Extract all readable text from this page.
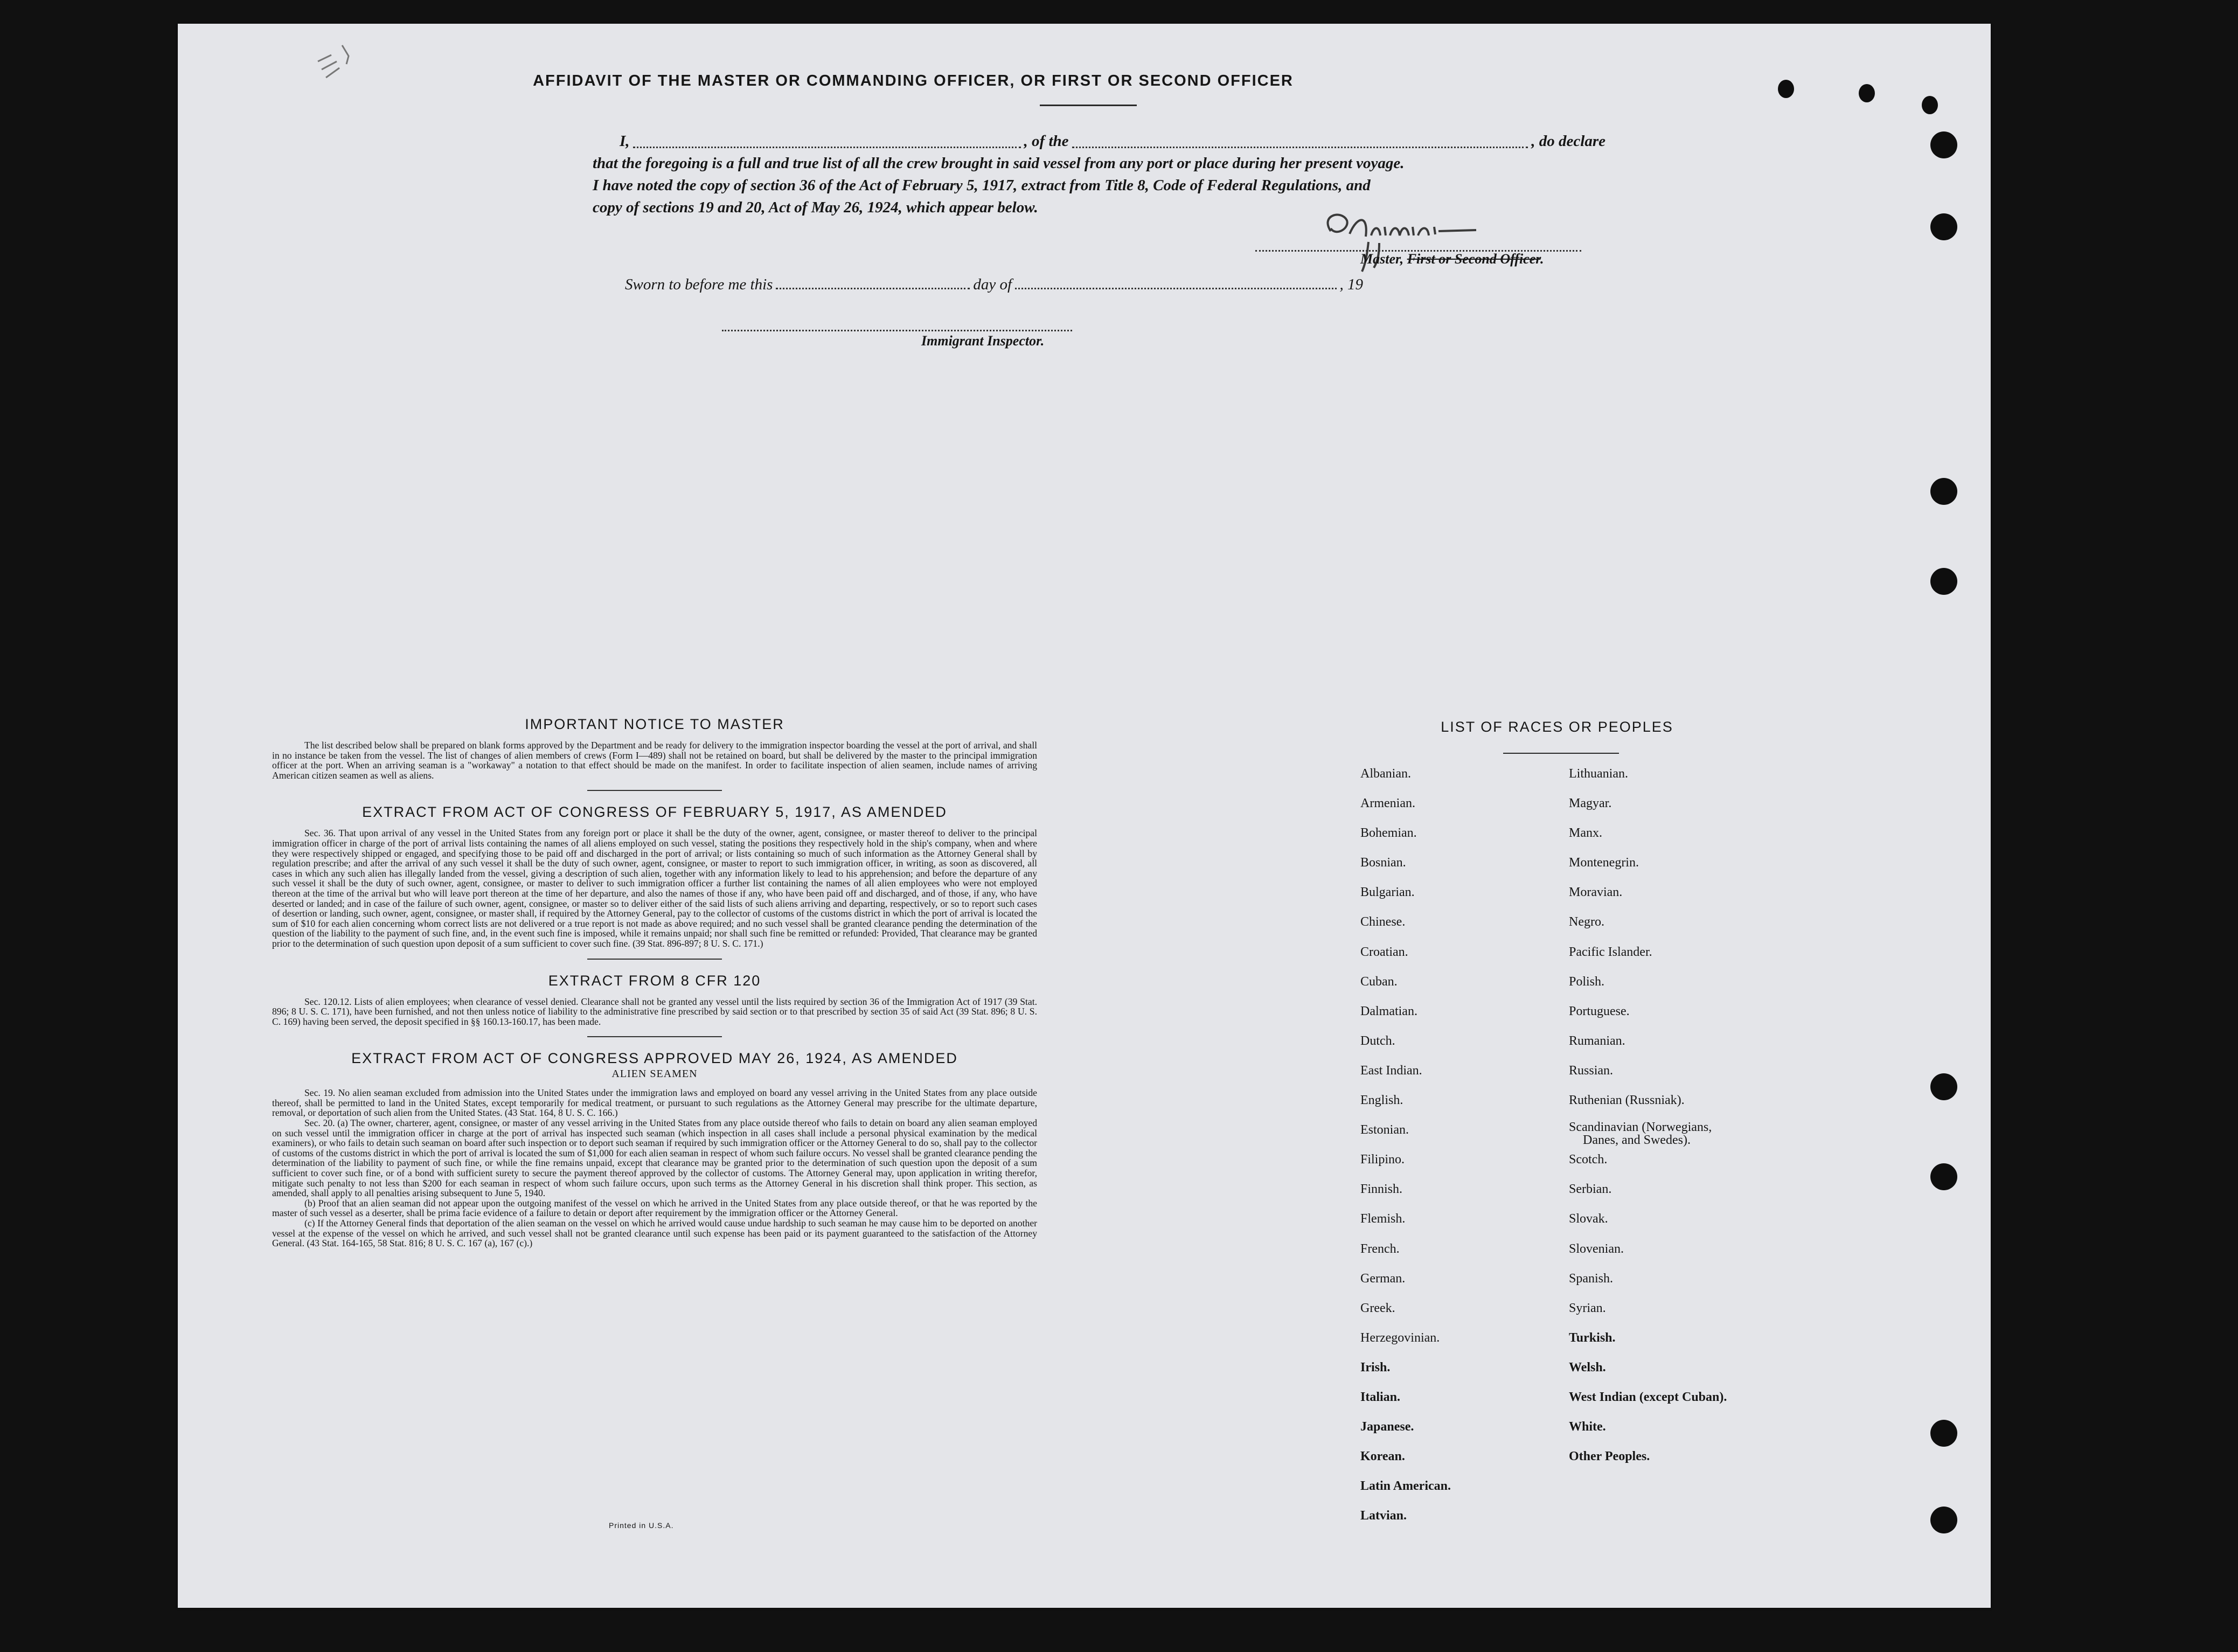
AFFIDAVIT OF THE MASTER OR COMMANDING OFFICER, OR FIRST OR SECOND OFFICER
I,	, of the	, do declare
that the foregoing is a full and true list of all the crew brought in said vessel from any port or place during her present voyage.
I have noted the copy of section 36 of the Act of February 5, 1917, extract from Title 8, Code of Federal Regulations, and
copy of sections 19 and 20, Act of May 26, 1924, which appear below.
Master, First or Second Officer.
Sworn to before me this	day of	, 19
Immigrant Inspector.

IMPORTANT NOTICE TO MASTER

The list described below shall be prepared on blank forms approved by the Department and be ready for delivery to the immigration inspector boarding the vessel at the port of arrival, and shall in no instance be taken from the vessel. The list of changes of alien members of crews (Form I—489) shall not be retained on board, but shall be delivered by the master to the principal immigration officer at the port. When an arriving seaman is a "workaway" a notation to that effect should be made on the manifest. In order to facilitate inspection of alien seamen, include names of arriving American citizen seamen as well as aliens.

EXTRACT FROM ACT OF CONGRESS OF FEBRUARY 5, 1917, AS AMENDED

Sec. 36. That upon arrival of any vessel in the United States from any foreign port or place it shall be the duty of the owner, agent, consignee, or master thereof to deliver to the principal immigration officer in charge of the port of arrival lists containing the names of all aliens employed on such vessel, stating the positions they respectively hold in the ship's company, when and where they were respectively shipped or engaged, and specifying those to be paid off and discharged in the port of arrival; or lists containing so much of such information as the Attorney General shall by regulation prescribe; and after the arrival of any such vessel it shall be the duty of such owner, agent, consignee, or master to report to such immigration officer, in writing, as soon as discovered, all cases in which any such alien has illegally landed from the vessel, giving a description of such alien, together with any information likely to lead to his apprehension; and before the departure of any such vessel it shall be the duty of such owner, agent, consignee, or master to deliver to such immigration officer a further list containing the names of all alien employees who were not employed thereon at the time of the arrival but who will leave port thereon at the time of her departure, and also the names of those if any, who have been paid off and discharged, and of those, if any, who have deserted or landed; and in case of the failure of such owner, agent, consignee, or master so to deliver either of the said lists of such aliens arriving and departing, respectively, or so to report such cases of desertion or landing, such owner, agent, consignee, or master shall, if required by the Attorney General, pay to the collector of customs of the customs district in which the port of arrival is located the sum of $10 for each alien concerning whom correct lists are not delivered or a true report is not made as above required; and no such vessel shall be granted clearance pending the determination of the question of the liability to the payment of such fine, and, in the event such fine is imposed, while it remains unpaid; nor shall such fine be remitted or refunded: Provided, That clearance may be granted prior to the determination of such question upon deposit of a sum sufficient to cover such fine. (39 Stat. 896-897; 8 U. S. C. 171.)

EXTRACT FROM 8 CFR 120

Sec. 120.12. Lists of alien employees; when clearance of vessel denied. Clearance shall not be granted any vessel until the lists required by section 36 of the Immigration Act of 1917 (39 Stat. 896; 8 U. S. C. 171), have been furnished, and not then unless notice of liability to the administrative fine prescribed by said section or to that prescribed by section 35 of said Act (39 Stat. 896; 8 U. S. C. 169) having been served, the deposit specified in §§ 160.13-160.17, has been made.

EXTRACT FROM ACT OF CONGRESS APPROVED MAY 26, 1924, AS AMENDED

ALIEN SEAMEN

Sec. 19. No alien seaman excluded from admission into the United States under the immigration laws and employed on board any vessel arriving in the United States from any place outside thereof, shall be permitted to land in the United States, except temporarily for medical treatment, or pursuant to such regulations as the Attorney General may prescribe for the ultimate departure, removal, or deportation of such alien from the United States. (43 Stat. 164, 8 U. S. C. 166.)

Sec. 20. (a) The owner, charterer, agent, consignee, or master of any vessel arriving in the United States from any place outside thereof who fails to detain on board any alien seaman employed on such vessel until the immigration officer in charge at the port of arrival has inspected such seaman (which inspection in all cases shall include a personal physical examination by the medical examiners), or who fails to detain such seaman on board after such inspection or to deport such seaman if required by such immigration officer or the Attorney General to do so, shall pay to the collector of customs of the customs district in which the port of arrival is located the sum of $1,000 for each alien seaman in respect of whom such failure occurs. No vessel shall be granted clearance pending the determination of the liability to payment of such fine, or while the fine remains unpaid, except that clearance may be granted prior to the determination of such question upon the deposit of a sum sufficient to cover such fine, or of a bond with sufficient surety to secure the payment thereof approved by the collector of customs. The Attorney General may, upon application in writing therefor, mitigate such penalty to not less than $200 for each seaman in respect of whom such failure occurs, upon such terms as the Attorney General in his discretion shall think proper. This section, as amended, shall apply to all penalties arising subsequent to June 5, 1940.

(b) Proof that an alien seaman did not appear upon the outgoing manifest of the vessel on which he arrived in the United States from any place outside thereof, or that he was reported by the master of such vessel as a deserter, shall be prima facie evidence of a failure to detain or deport after requirement by the immigration officer or the Attorney General.

(c) If the Attorney General finds that deportation of the alien seaman on the vessel on which he arrived would cause undue hardship to such seaman he may cause him to be deported on another vessel at the expense of the vessel on which he arrived, and such vessel shall not be granted clearance until such expense has been paid or its payment guaranteed to the satisfaction of the Attorney General. (43 Stat. 164-165, 58 Stat. 816; 8 U. S. C. 167 (a), 167 (c).)

Printed in U.S.A.
LIST OF RACES OR PEOPLES
Albanian.
Armenian.
Bohemian.
Bosnian.
Bulgarian.
Chinese.
Croatian.
Cuban.
Dalmatian.
Dutch.
East Indian.
English.
Estonian.
Filipino.
Finnish.
Flemish.
French.
German.
Greek.
Herzegovinian.
Irish.
Italian.
Japanese.
Korean.
Latin American.
Latvian.
Lithuanian.
Magyar.
Manx.
Montenegrin.
Moravian.
Negro.
Pacific Islander.
Polish.
Portuguese.
Rumanian.
Russian.
Ruthenian (Russniak).
Scandinavian (Norwegians,
Danes, and Swedes).
Scotch.
Serbian.
Slovak.
Slovenian.
Spanish.
Syrian.
Turkish.
Welsh.
West Indian (except Cuban).
White.
Other Peoples.
